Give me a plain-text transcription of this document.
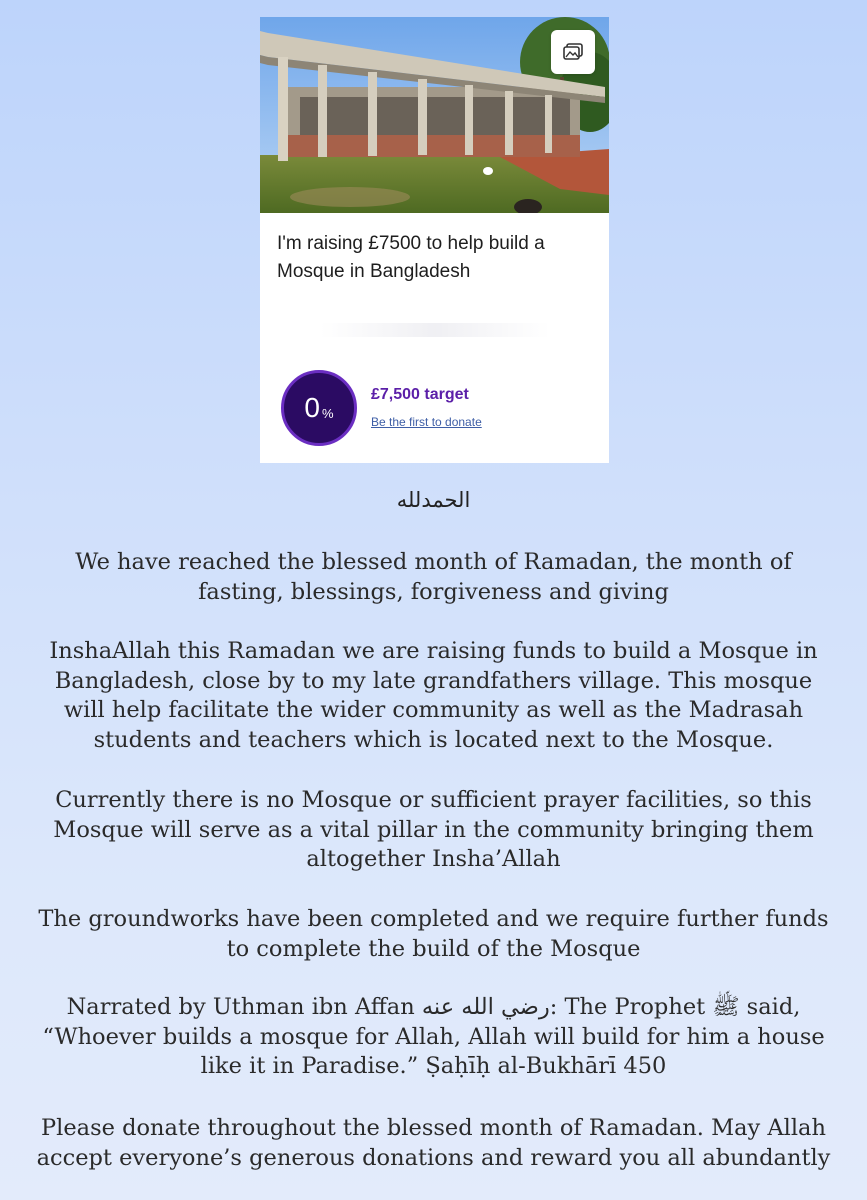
I'm raising £7500 to help build a
Mosque in Bangladesh
0 %
£7,500 target
Be the first to donate
الحمدلله

We have reached the blessed month of Ramadan, the month of
fasting, blessings, forgiveness and giving

InshaAllah this Ramadan we are raising funds to build a Mosque in
Bangladesh, close by to my late grandfathers village. This mosque
will help facilitate the wider community as well as the Madrasah
students and teachers which is located next to the Mosque.

Currently there is no Mosque or sufficient prayer facilities, so this
Mosque will serve as a vital pillar in the community bringing them
altogether Insha’Allah

The groundworks have been completed and we require further funds
to complete the build of the Mosque

Narrated by Uthman ibn Affan رضي الله عنه: The Prophet ﷺ said,
“Whoever builds a mosque for Allah, Allah will build for him a house
like it in Paradise.” Ṣaḥīḥ al-Bukhārī 450

Please donate throughout the blessed month of Ramadan. May Allah
accept everyone’s generous donations and reward you all abundantly
